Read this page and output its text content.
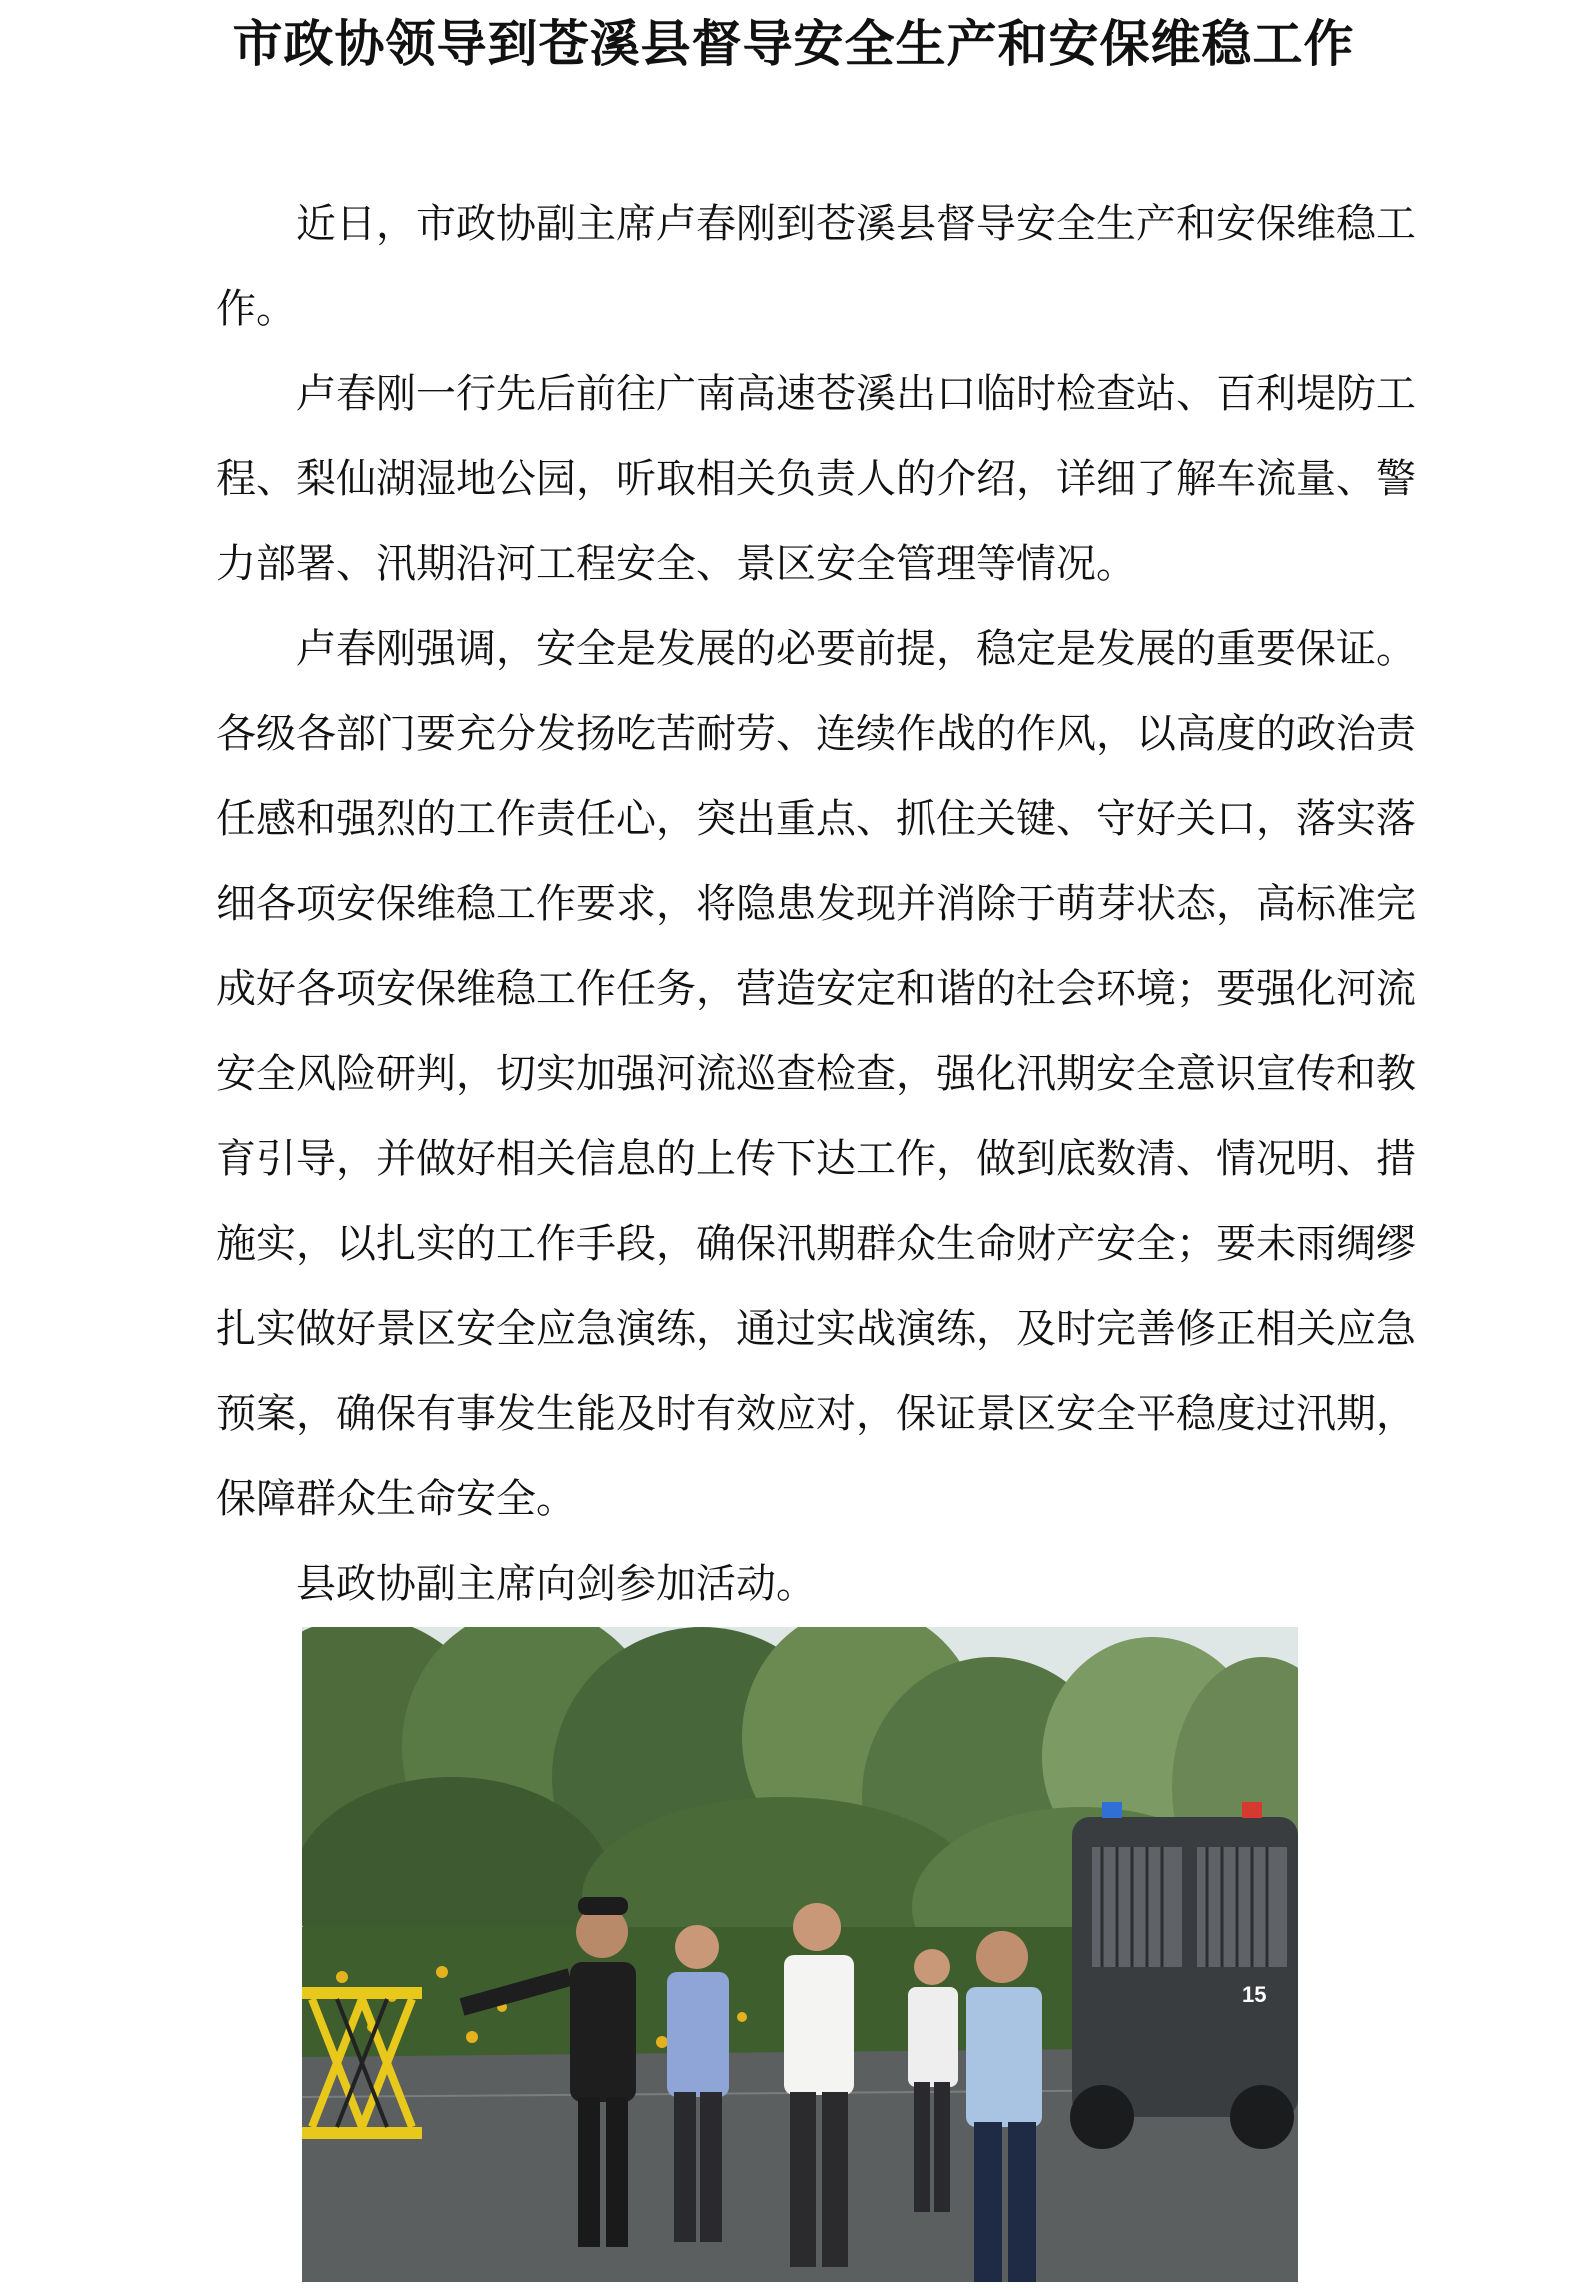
市政协领导到苍溪县督导安全生产和安保维稳工作

近日，市政协副主席卢春刚到苍溪县督导安全生产和安保维稳工作。

卢春刚一行先后前往广南高速苍溪出口临时检查站、百利堤防工程、梨仙湖湿地公园，听取相关负责人的介绍，详细了解车流量、警力部署、汛期沿河工程安全、景区安全管理等情况。

卢春刚强调，安全是发展的必要前提，稳定是发展的重要保证。各级各部门要充分发扬吃苦耐劳、连续作战的作风，以高度的政治责任感和强烈的工作责任心，突出重点、抓住关键、守好关口，落实落细各项安保维稳工作要求，将隐患发现并消除于萌芽状态，高标准完成好各项安保维稳工作任务，营造安定和谐的社会环境；要强化河流安全风险研判，切实加强河流巡查检查，强化汛期安全意识宣传和教育引导，并做好相关信息的上传下达工作，做到底数清、情况明、措施实，以扎实的工作手段，确保汛期群众生命财产安全；要未雨绸缪扎实做好景区安全应急演练，通过实战演练，及时完善修正相关应急预案，确保有事发生能及时有效应对，保证景区安全平稳度过汛期，保障群众生命安全。

县政协副主席向剑参加活动。

15
